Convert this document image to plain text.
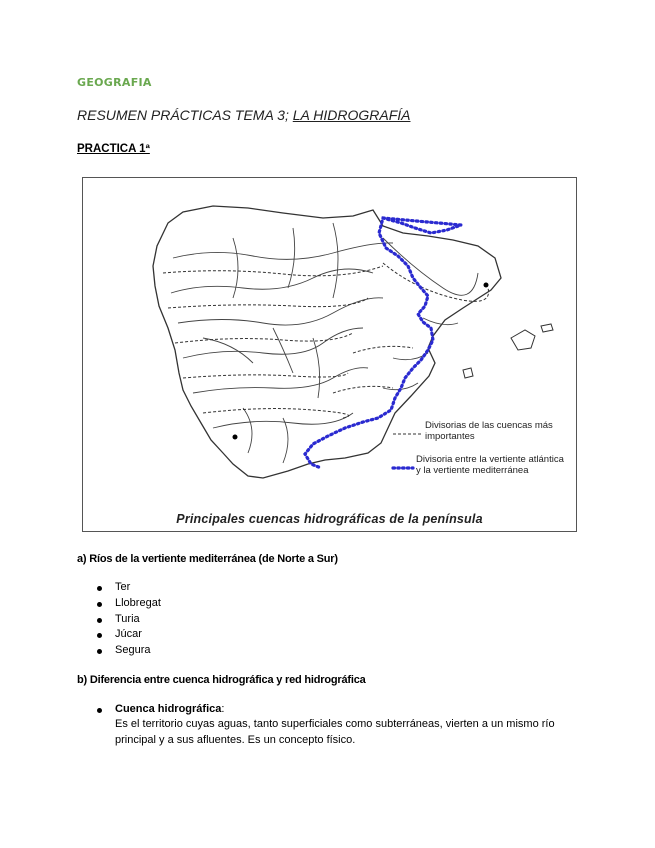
GEOGRAFIA
RESUMEN PRÁCTICAS TEMA 3; LA HIDROGRAFÍA
PRACTICA 1ª
Divisorias de las cuencas más importantes
Divisoria entre la vertiente atlántica y la vertiente mediterránea
Principales cuencas hidrográficas de la península
a) Ríos de la vertiente mediterránea (de Norte a Sur)
Ter
Llobregat
Turia
Júcar
Segura
b) Diferencia entre cuenca hidrográfica y red hidrográfica
Cuenca hidrográfica:
Es el territorio cuyas aguas, tanto superficiales como subterráneas, vierten a un mismo río principal y a sus afluentes. Es un concepto físico.
